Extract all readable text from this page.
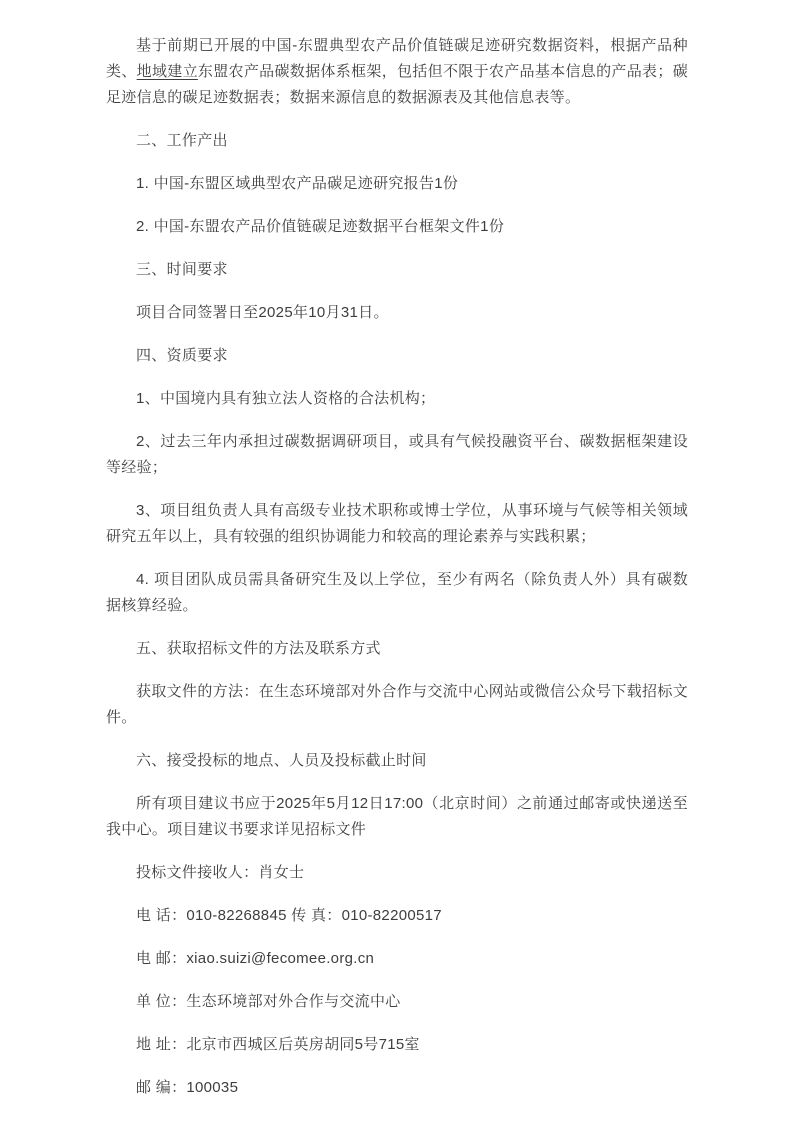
基于前期已开展的中国-东盟典型农产品价值链碳足迹研究数据资料，根据产品种类、地域建立东盟农产品碳数据体系框架，包括但不限于农产品基本信息的产品表；碳足迹信息的碳足迹数据表；数据来源信息的数据源表及其他信息表等。

二、工作产出

1. 中国-东盟区域典型农产品碳足迹研究报告1份

2. 中国-东盟农产品价值链碳足迹数据平台框架文件1份

三、时间要求

项目合同签署日至2025年10月31日。

四、资质要求

1、中国境内具有独立法人资格的合法机构；

2、过去三年内承担过碳数据调研项目，或具有气候投融资平台、碳数据框架建设等经验；

3、项目组负责人具有高级专业技术职称或博士学位，从事环境与气候等相关领域研究五年以上，具有较强的组织协调能力和较高的理论素养与实践积累；

4. 项目团队成员需具备研究生及以上学位，至少有两名（除负责人外）具有碳数据核算经验。

五、获取招标文件的方法及联系方式

获取文件的方法：在生态环境部对外合作与交流中心网站或微信公众号下载招标文件。

六、接受投标的地点、人员及投标截止时间

所有项目建议书应于2025年5月12日17:00（北京时间）之前通过邮寄或快递送至我中心。项目建议书要求详见招标文件

投标文件接收人：肖女士

电 话：010-82268845 传 真：010-82200517

电 邮：xiao.suizi@fecomee.org.cn

单 位：生态环境部对外合作与交流中心

地 址：北京市西城区后英房胡同5号715室

邮 编：100035
